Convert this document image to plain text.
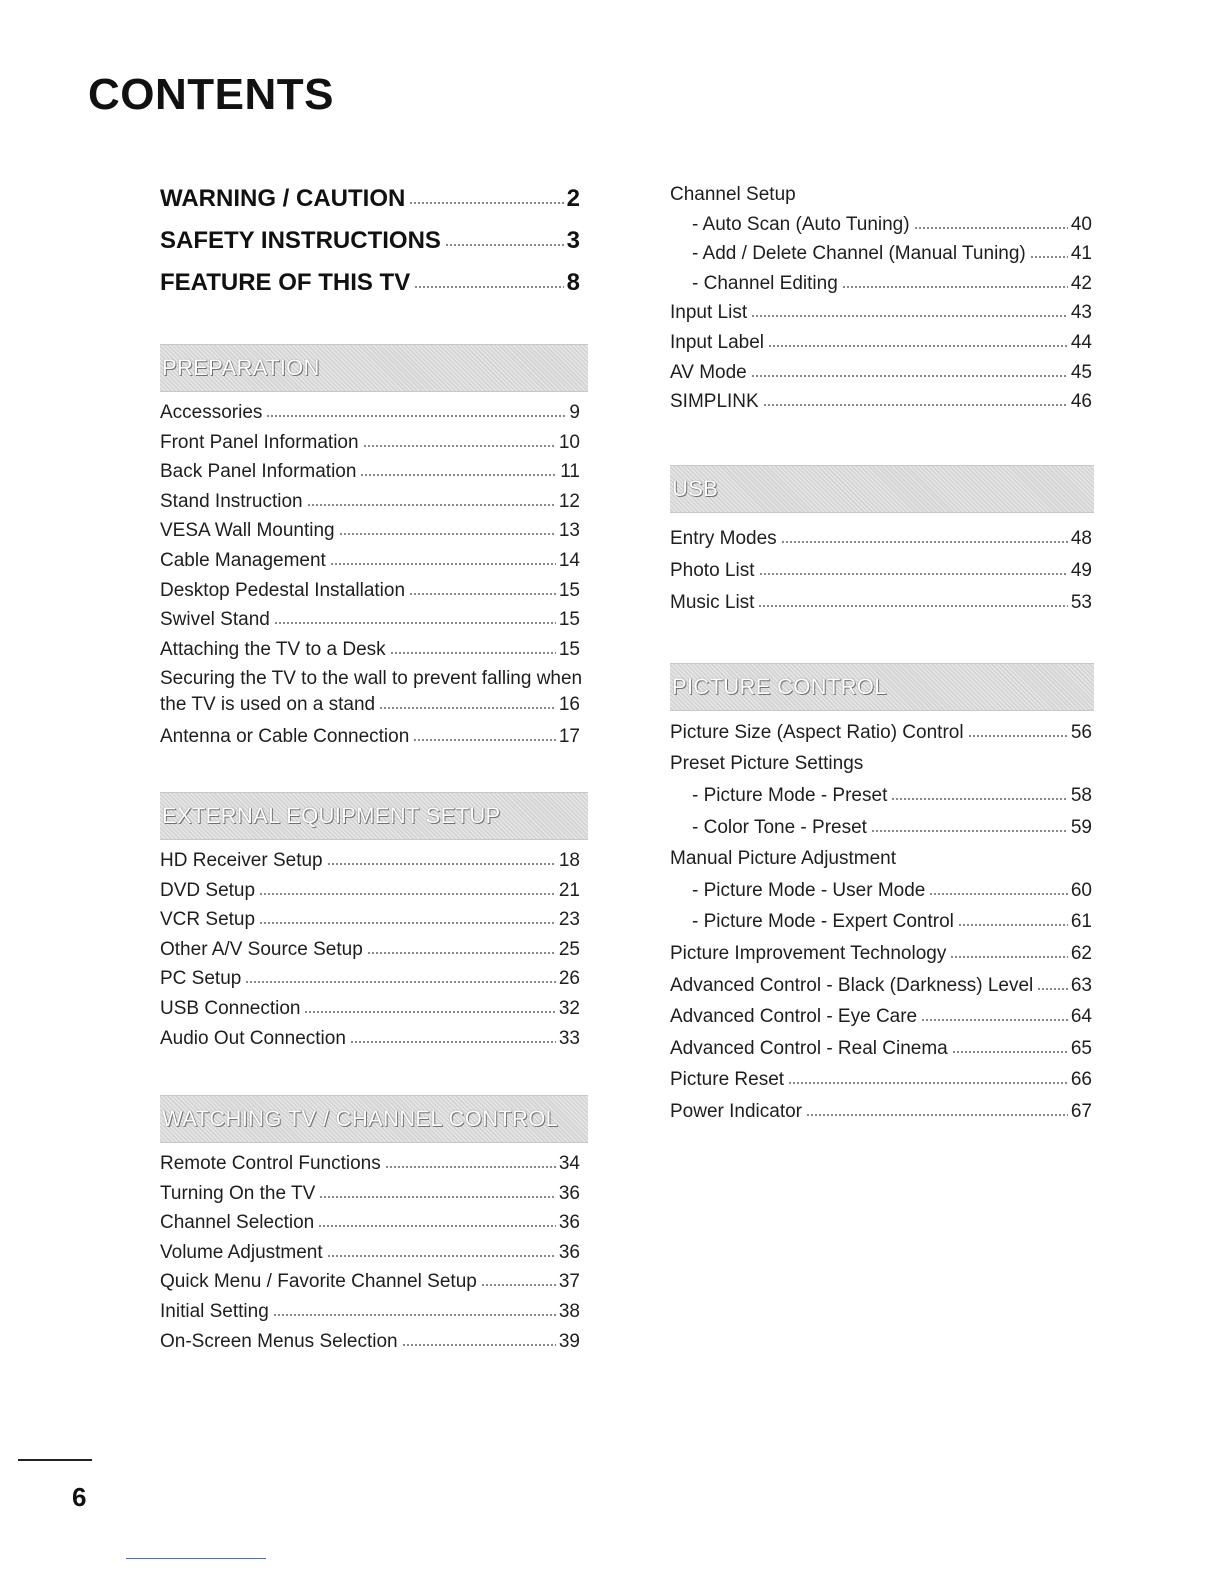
CONTENTS
WARNING / CAUTION	2
SAFETY INSTRUCTIONS	3
FEATURE OF THIS TV	8
PREPARATION
Accessories	9
Front Panel Information	10
Back Panel Information	11
Stand Instruction	12
VESA Wall Mounting	13
Cable Management	14
Desktop Pedestal Installation	15
Swivel Stand	15
Attaching the TV to a Desk	15
Securing the TV to the wall to prevent falling when
the TV is used on a stand	16
Antenna or Cable Connection	17
EXTERNAL EQUIPMENT SETUP
HD Receiver Setup	18
DVD Setup	21
VCR Setup	23
Other A/V Source Setup	25
PC Setup	26
USB Connection	32
Audio Out Connection	33
WATCHING TV / CHANNEL CONTROL
Remote Control Functions	34
Turning On the TV	36
Channel Selection	36
Volume Adjustment	36
Quick Menu / Favorite Channel Setup	37
Initial Setting	38
On-Screen Menus Selection	39
Channel Setup
- Auto Scan (Auto Tuning)	40
- Add / Delete Channel (Manual Tuning) 41
- Channel Editing	42
Input List	43
Input Label	44
AV Mode	45
SIMPLINK	46
USB
Entry Modes	48
Photo List	49
Music List	53
PICTURE CONTROL
Picture Size (Aspect Ratio) Control	56
Preset Picture Settings
- Picture Mode - Preset	58
- Color Tone - Preset	59
Manual Picture Adjustment
- Picture Mode - User Mode	60
- Picture Mode - Expert Control	61
Picture Improvement Technology	62
Advanced Control - Black (Darkness) Level 63
Advanced Control - Eye Care	64
Advanced Control - Real Cinema	65
Picture Reset	66
Power Indicator	67
6
